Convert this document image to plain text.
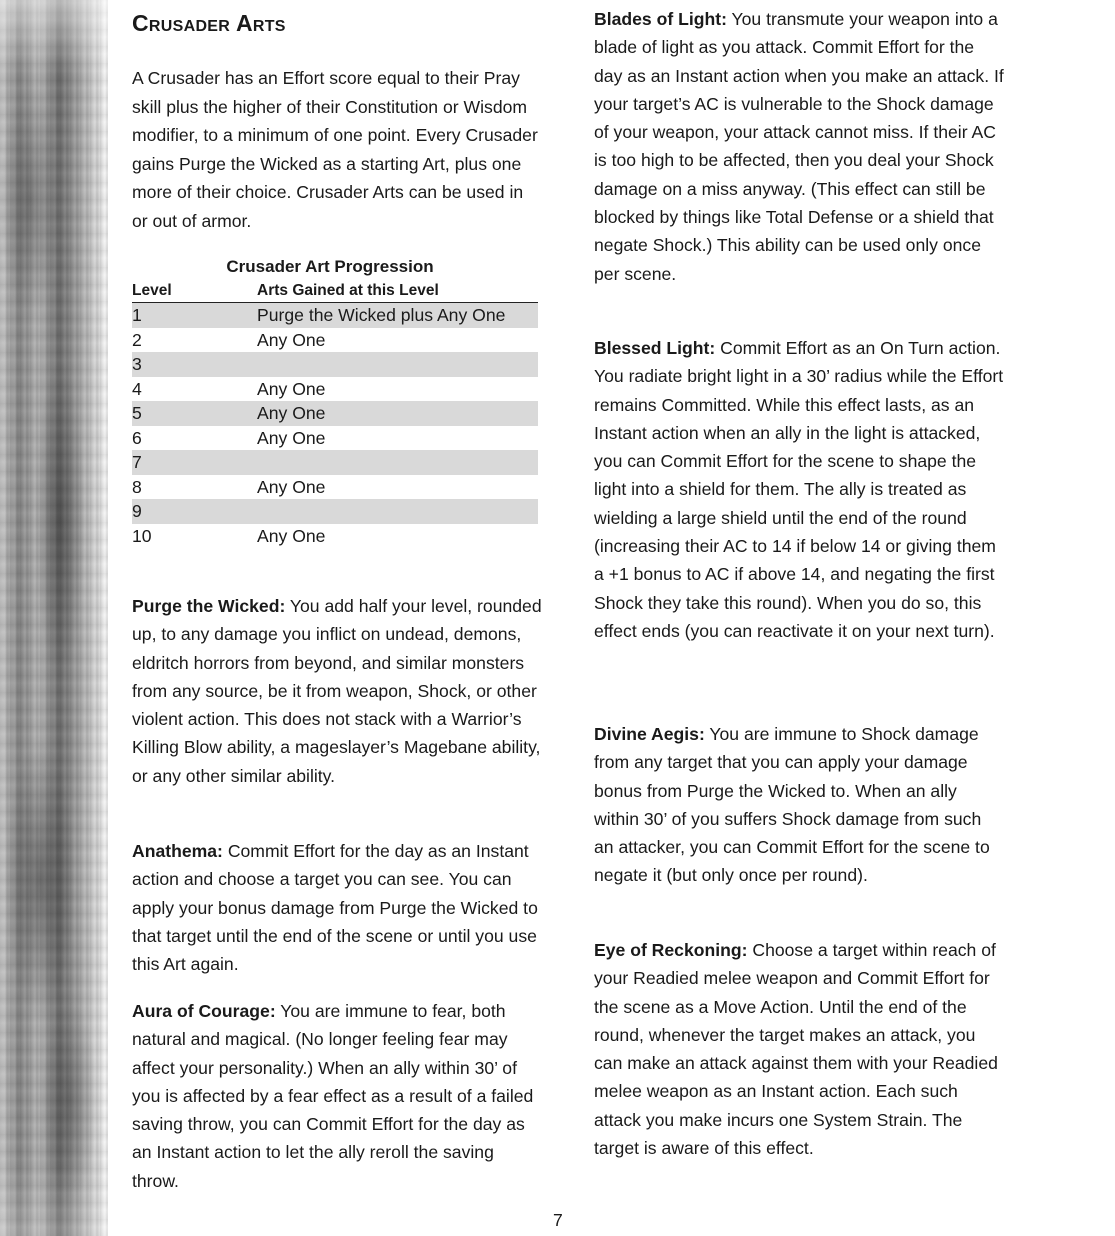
Crusader Arts

A Crusader has an Effort score equal to their Pray skill plus the higher of their Constitution or Wisdom modifier, to a minimum of one point. Every Crusader gains Purge the Wicked as a starting Art, plus one more of their choice. Crusader Arts can be used in or out of armor.

Crusader Art Progression
Level	Arts Gained at this Level
1	Purge the Wicked plus Any One
2	Any One
3
4	Any One
5	Any One
6	Any One
7
8	Any One
9
10	Any One

Purge the Wicked: You add half your level, rounded up, to any damage you inflict on undead, demons, eldritch horrors from beyond, and similar monsters from any source, be it from weapon, Shock, or other violent action. This does not stack with a Warrior’s Killing Blow ability, a mageslayer’s Magebane ability, or any other similar ability.

Anathema: Commit Effort for the day as an Instant action and choose a target you can see. You can apply your bonus damage from Purge the Wicked to that target until the end of the scene or until you use this Art again.

Aura of Courage: You are immune to fear, both natural and magical. (No longer feeling fear may affect your personality.) When an ally within 30’ of you is affected by a fear effect as a result of a failed saving throw, you can Commit Effort for the day as an Instant action to let the ally reroll the saving throw.

Blades of Light: You transmute your weapon into a blade of light as you attack. Commit Effort for the day as an Instant action when you make an attack. If your target’s AC is vulnerable to the Shock damage of your weapon, your attack cannot miss. If their AC is too high to be affected, then you deal your Shock damage on a miss anyway. (This effect can still be blocked by things like Total Defense or a shield that negate Shock.) This ability can be used only once per scene.

Blessed Light: Commit Effort as an On Turn action. You radiate bright light in a 30’ radius while the Effort remains Committed. While this effect lasts, as an Instant action when an ally in the light is attacked, you can Commit Effort for the scene to shape the light into a shield for them. The ally is treated as wielding a large shield until the end of the round (increasing their AC to 14 if below 14 or giving them a +1 bonus to AC if above 14, and negating the first Shock they take this round). When you do so, this effect ends (you can reactivate it on your next turn).

Divine Aegis: You are immune to Shock damage from any target that you can apply your damage bonus from Purge the Wicked to. When an ally within 30’ of you suffers Shock damage from such an attacker, you can Commit Effort for the scene to negate it (but only once per round).

Eye of Reckoning: Choose a target within reach of your Readied melee weapon and Commit Effort for the scene as a Move Action. Until the end of the round, whenever the target makes an attack, you can make an attack against them with your Readied melee weapon as an Instant action. Each such attack you make incurs one System Strain. The target is aware of this effect.

7
